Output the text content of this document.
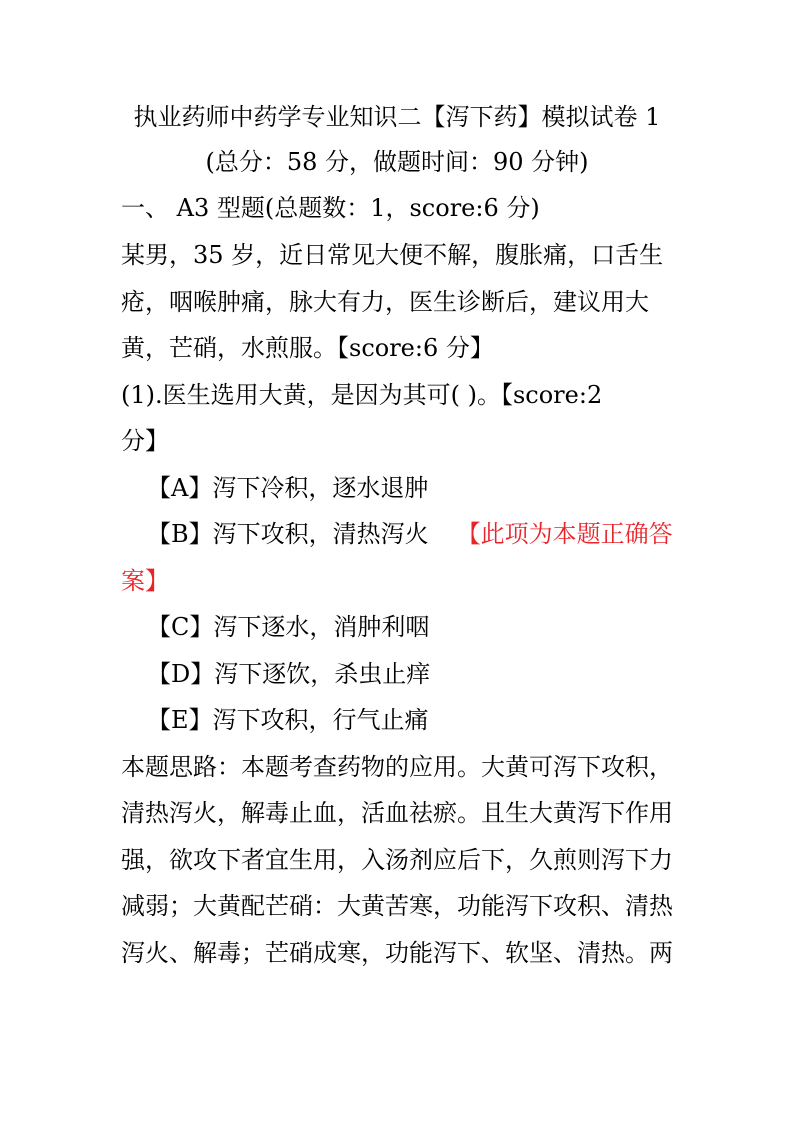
执业药师中药学专业知识二【泻下药】模拟试卷 1
(总分：58 分，做题时间：90 分钟)
一、 A3 型题(总题数：1，score:6 分)
某男，35 岁，近日常见大便不解，腹胀痛，口舌生
疮，咽喉肿痛，脉大有力，医生诊断后，建议用大
黄，芒硝，水煎服。【score:6 分】
(1).医生选用大黄，是因为其可( )。【score:2
分】
【A】泻下冷积，逐水退肿
【B】泻下攻积，清热泻火 【此项为本题正确答
案】
【C】泻下逐水，消肿利咽
【D】泻下逐饮，杀虫止痒
【E】泻下攻积，行气止痛
本题思路：本题考查药物的应用。大黄可泻下攻积，
清热泻火，解毒止血，活血祛瘀。且生大黄泻下作用
强，欲攻下者宜生用，入汤剂应后下，久煎则泻下力
减弱；大黄配芒硝：大黄苦寒，功能泻下攻积、清热
泻火、解毒；芒硝成寒，功能泻下、软坚、清热。两
